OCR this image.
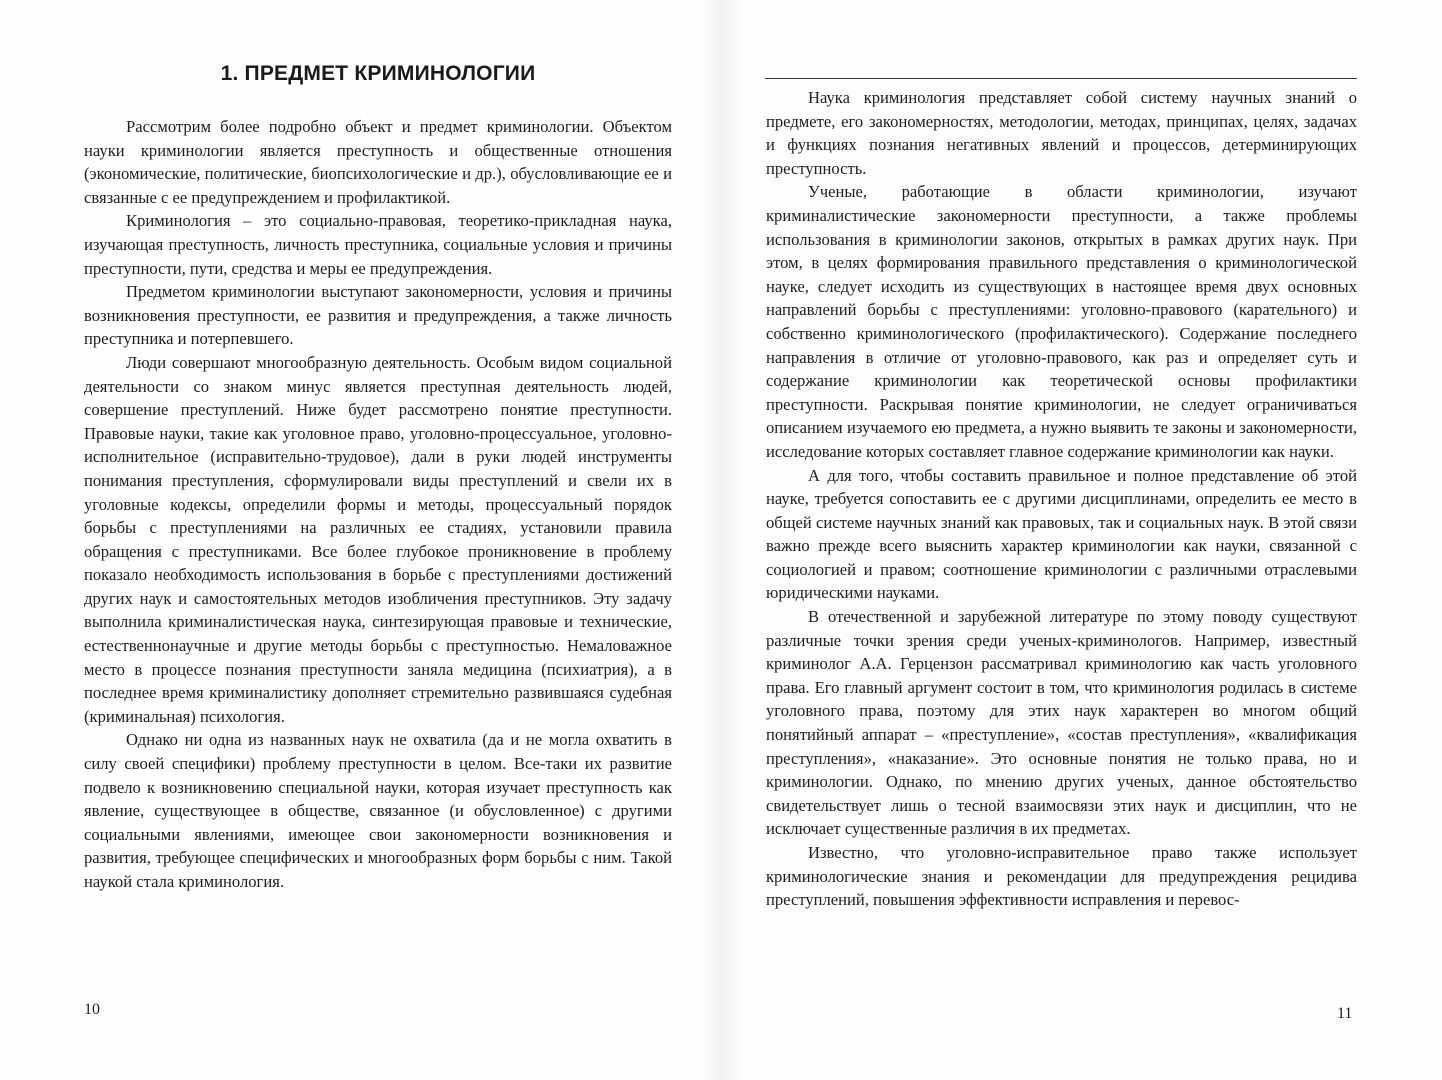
1. ПРЕДМЕТ КРИМИНОЛОГИИ

Рассмотрим более подробно объект и предмет криминологии. Объектом науки криминологии является преступность и общественные отношения (экономические, политические, биопсихологические и др.), обусловливающие ее и связанные с ее предупреждением и профилактикой.

Криминология – это социально-правовая, теоретико-прикладная наука, изучающая преступность, личность преступника, социальные условия и причины преступности, пути, средства и меры ее предупреждения.

Предметом криминологии выступают закономерности, условия и причины возникновения преступности, ее развития и предупреждения, а также личность преступника и потерпевшего.

Люди совершают многообразную деятельность. Особым видом социальной деятельности со знаком минус является преступная деятельность людей, совершение преступлений. Ниже будет рассмотрено понятие преступности. Правовые науки, такие как уголовное право, уголовно-процессуальное, уголовно-исполнительное (исправительно-трудовое), дали в руки людей инструменты понимания преступления, сформулировали виды преступлений и свели их в уголовные кодексы, определили формы и методы, процессуальный порядок борьбы с преступлениями на различных ее стадиях, установили правила обращения с преступниками. Все более глубокое проникновение в проблему показало необходимость использования в борьбе с преступлениями достижений других наук и самостоятельных методов изобличения преступников. Эту задачу выполнила криминалистическая наука, синтезирующая правовые и технические, естественнонаучные и другие методы борьбы с преступностью. Немаловажное место в процессе познания преступности заняла медицина (психиатрия), а в последнее время криминалистику дополняет стремительно развившаяся судебная (криминальная) психология.

Однако ни одна из названных наук не охватила (да и не могла охватить в силу своей специфики) проблему преступности в целом. Все-таки их развитие подвело к возникновению специальной науки, которая изучает преступность как явление, существующее в обществе, связанное (и обусловленное) с другими социальными явлениями, имеющее свои закономерности возникновения и развития, требующее специфических и многообразных форм борьбы с ним. Такой наукой стала криминология.

10

Наука криминология представляет собой систему научных знаний о предмете, его закономерностях, методологии, методах, принципах, целях, задачах и функциях познания негативных явлений и процессов, детерминирующих преступность.

Ученые, работающие в области криминологии, изучают криминалистические закономерности преступности, а также проблемы использования в криминологии законов, открытых в рамках других наук. При этом, в целях формирования правильного представления о криминологической науке, следует исходить из существующих в настоящее время двух основных направлений борьбы с преступлениями: уголовно-правового (карательного) и собственно криминологического (профилактического). Содержание последнего направления в отличие от уголовно-правового, как раз и определяет суть и содержание криминологии как теоретической основы профилактики преступности. Раскрывая понятие криминологии, не следует ограничиваться описанием изучаемого ею предмета, а нужно выявить те законы и закономерности, исследование которых составляет главное содержание криминологии как науки.

А для того, чтобы составить правильное и полное представление об этой науке, требуется сопоставить ее с другими дисциплинами, определить ее место в общей системе научных знаний как правовых, так и социальных наук. В этой связи важно прежде всего выяснить характер криминологии как науки, связанной с социологией и правом; соотношение криминологии с различными отраслевыми юридическими науками.

В отечественной и зарубежной литературе по этому поводу существуют различные точки зрения среди ученых-криминологов. Например, известный криминолог А.А. Герцензон рассматривал криминологию как часть уголовного права. Его главный аргумент состоит в том, что криминология родилась в системе уголовного права, поэтому для этих наук характерен во многом общий понятийный аппарат – «преступление», «состав преступления», «квалификация преступления», «наказание». Это основные понятия не только права, но и криминологии. Однако, по мнению других ученых, данное обстоятельство свидетельствует лишь о тесной взаимосвязи этих наук и дисциплин, что не исключает существенные различия в их предметах.

Известно, что уголовно-исправительное право также использует криминологические знания и рекомендации для предупреждения рецидива преступлений, повышения эффективности исправления и перевос-

11
